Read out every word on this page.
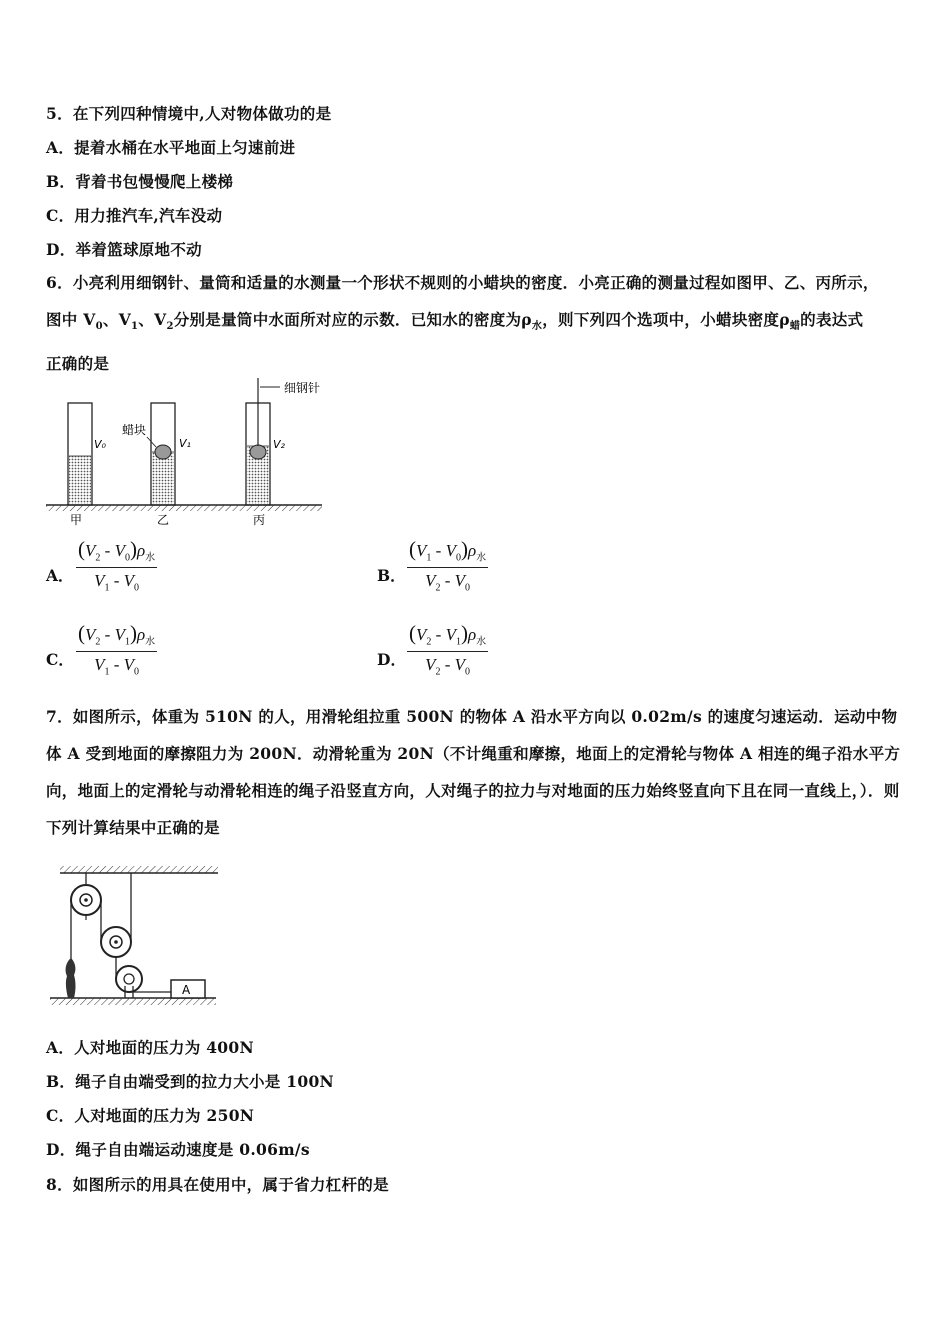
5．在下列四种情境中,人对物体做功的是
A．提着水桶在水平地面上匀速前进
B．背着书包慢慢爬上楼梯
C．用力推汽车,汽车没动
D．举着篮球原地不动
6．小亮利用细钢针、量筒和适量的水测量一个形状不规则的小蜡块的密度．小亮正确的测量过程如图甲、乙、丙所示，
图中 $V_0$、$V_1$、$V_2$分别是量筒中水面所对应的示数．已知水的密度为$\rho_水$，则下列四个选项中，小蜡块密度$\rho_蜡$的表达式
正确的是
细钢针
蜡块
V₀	V₁	V₂
甲	乙	丙
A．
$(V_2 - V_0)\rho_水$
$V_1 - V_0$
B．
$(V_1 - V_0)\rho_水$
$V_2 - V_0$
C．
$(V_2 - V_1)\rho_水$
$V_1 - V_0$
D．
$(V_2 - V_1)\rho_水$
$V_2 - V_0$
7．如图所示，体重为 510N 的人，用滑轮组拉重 500N 的物体 A 沿水平方向以 0.02m/s 的速度匀速运动．运动中物体 A 受到地面的摩擦阻力为 200N．动滑轮重为 20N（不计绳重和摩擦，地面上的定滑轮与物体 A 相连的绳子沿水平方向，地面上的定滑轮与动滑轮相连的绳子沿竖直方向，人对绳子的拉力与对地面的压力始终竖直向下且在同一直线上，）．则下列计算结果中正确的是
A
A．人对地面的压力为 400N
B．绳子自由端受到的拉力大小是 100N
C．人对地面的压力为 250N
D．绳子自由端运动速度是 0.06m/s
8．如图所示的用具在使用中，属于省力杠杆的是
